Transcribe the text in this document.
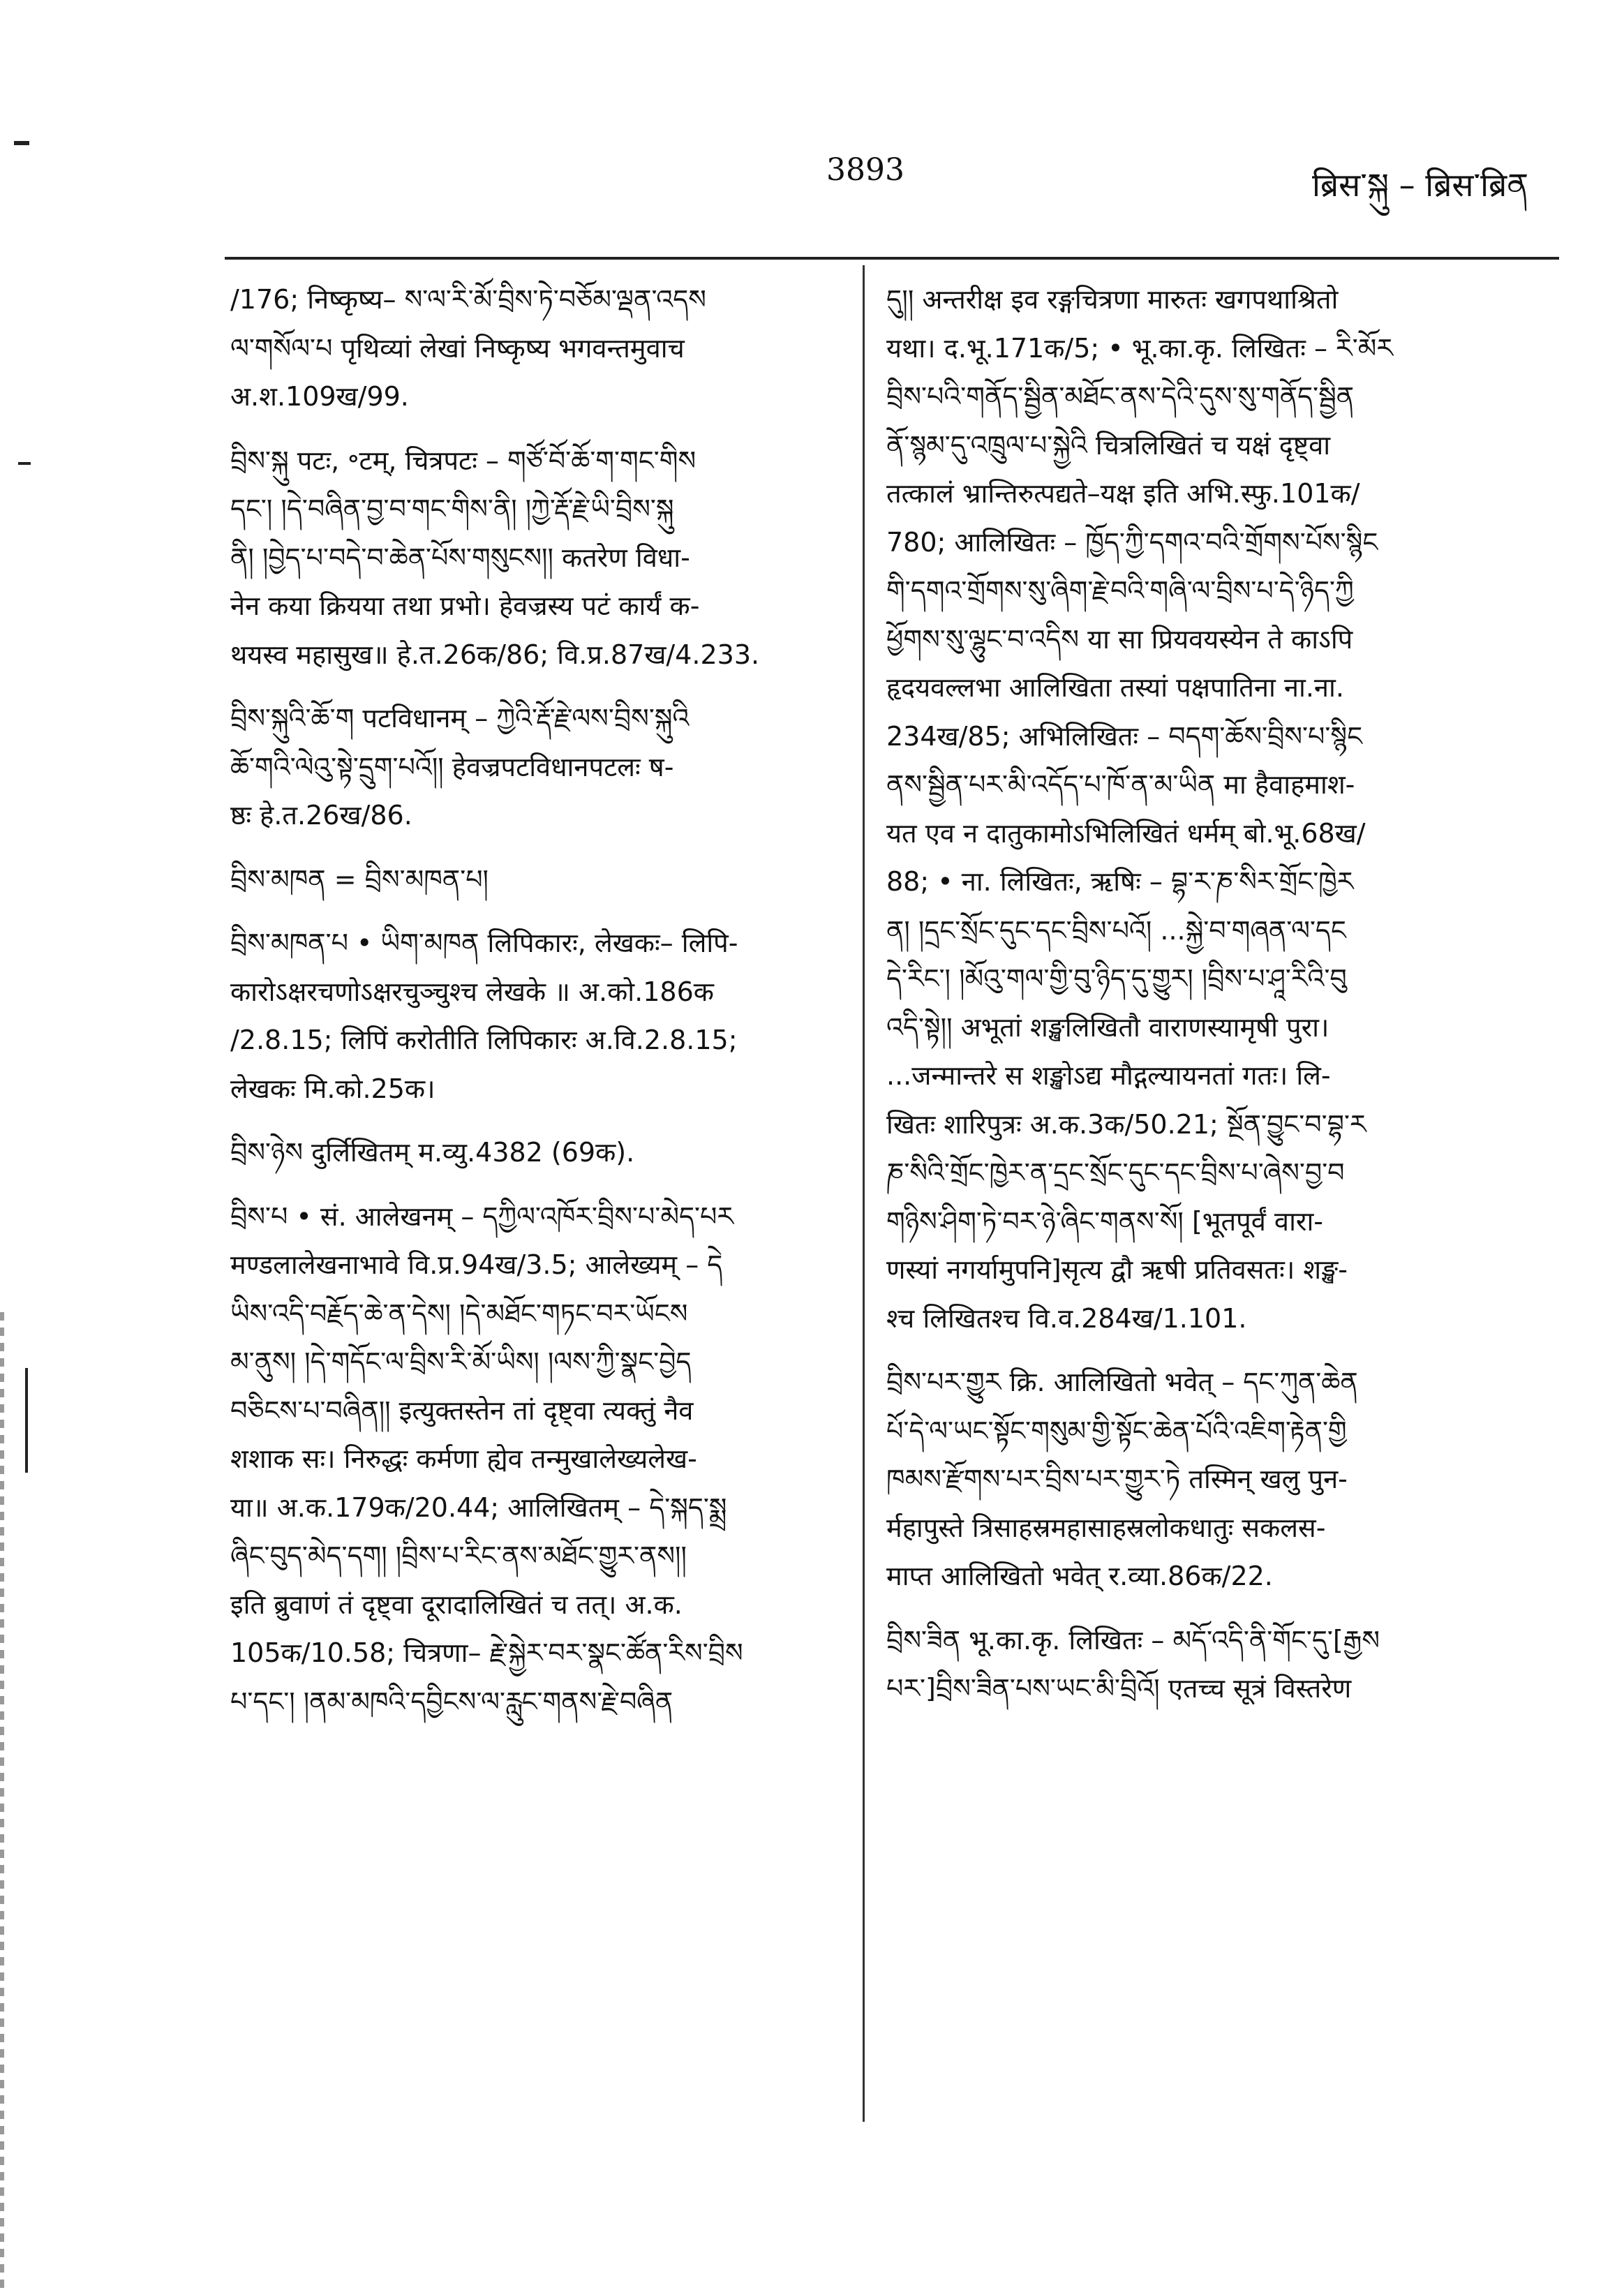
3893	ब्रिस་སྐུ – ब्रिस་ब्रिན
/176; निष्कृष्य– ས་ལ་རི་མོ་བྲིས་ཏེ་བཅོམ་ལྡན་འདས
ལ་གསོལ་པ पृथिव्यां लेखां निष्कृष्य भगवन्तमुवाच
अ.श.109ख/99.
བྲིས་སྐུ पटः, ॰टम्, चित्रपटः – གཙོ་བོ་ཆོ་ག་གང་གིས
དང་། །དེ་བཞིན་བྱ་བ་གང་གིས་ནི། །ཀྱེ་རྡོ་རྗེ་ཡི་བྲིས་སྐུ
ནི། །བྱེད་པ་བདེ་བ་ཆེན་པོས་གསུངས།། कतरेण विधा-
नेन कया क्रियया तथा प्रभो। हेवज्रस्य पटं कार्यं क-
थयस्व महासुख॥ हे.त.26क/86; वि.प्र.87ख/4.233.
བྲིས་སྐུའི་ཆོ་ག पटविधानम् – ཀྱེའི་རྡོ་རྗེ་ལས་བྲིས་སྐུའི
ཆོ་གའི་ལེའུ་སྟེ་དྲུག་པའོ།། हेवज्रपटविधानपटलः ष-
ष्ठः हे.त.26ख/86.
བྲིས་མཁན = བྲིས་མཁན་པ།
བྲིས་མཁན་པ • ཡིག་མཁན लिपिकारः, लेखकः– लिपि-
कारोऽक्षरचणोऽक्षरचुञ्चुश्च लेखके ॥ अ.को.186क
/2.8.15; लिपिं करोतीति लिपिकारः अ.वि.2.8.15;
लेखकः मि.को.25क।
བྲིས་ཉེས दुर्लिखितम् म.व्यु.4382 (69क).
བྲིས་པ • सं. आलेखनम् – དཀྱིལ་འཁོར་བྲིས་པ་མེད་པར
मण्डलालेखनाभावे वि.प्र.94ख/3.5; आलेख्यम् – དེ
ཡིས་འདི་བརྗོད་ཆེ་ན་དེས། །དེ་མཐོང་གཏང་བར་ཡོངས
མ་ནུས། །དེ་གདོང་ལ་བྲིས་རི་མོ་ཡིས། །ལས་ཀྱི་སྣང་བྱེད
བཅིངས་པ་བཞིན།། इत्युक्तस्तेन तां दृष्ट्वा त्यक्तुं नैव
शशाक सः। निरुद्धः कर्मणा ह्येव तन्मुखालेख्यलेख-
या॥ अ.क.179क/20.44; आलिखितम् – དེ་སྐད་སྨྲ
ཞིང་བུད་མེད་དག། །བྲིས་པ་རིང་ནས་མཐོང་གྱུར་ནས།།
इति ब्रुवाणं तं दृष्ट्वा दूरादालिखितं च तत्। अ.क.
105क/10.58; चित्रणा– རྗེ་སྐྱེར་བར་སྣང་ཚོན་རིས་བྲིས
པ་དང་། །ནམ་མཁའི་དབྱིངས་ལ་རླུང་གནས་རྗེ་བཞིན
དུ།། अन्तरीक्ष इव रङ्गचित्रणा मारुतः खगपथाश्रितो
यथा। द.भू.171क/5; • भू.का.कृ. लिखितः – རི་མོར
བྲིས་པའི་གནོད་སྦྱིན་མཐོང་ནས་དེའི་དུས་སུ་གནོད་སྦྱིན
ནོ་སྙམ་དུ་འཁྲུལ་པ་སྐྱེའི चित्रलिखितं च यक्षं दृष्ट्वा
तत्कालं भ्रान्तिरुत्पद्यते–यक्ष इति अभि.स्फु.101क/
780; आलिखितः – ཁྱོད་ཀྱི་དགའ་བའི་གྲོགས་པོས་སྙིང
གི་དགའ་གྲོགས་སུ་ཞིག་རྗེ་བའི་གཞི་ལ་བྲིས་པ་དེ་ཉིད་ཀྱི
ཕྱོགས་སུ་ལྷུང་བ་འདིས या सा प्रियवयस्येन ते काऽपि
हृदयवल्लभा आलिखिता तस्यां पक्षपातिना ना.ना.
234ख/85; अभिलिखितः – བདག་ཆོས་བྲིས་པ་སྙིང
ནས་སྦྱིན་པར་མི་འདོད་པ་ཁོ་ན་མ་ཡིན मा हैवाहमाश-
यत एव न दातुकामोऽभिलिखितं धर्मम् बो.भू.68ख/
88; • ना. लिखितः, ऋषिः – བྷ་ར་ཎ་སིར་གྲོང་ཁྱེར
ན། །དྲང་སྲོང་དུང་དང་བྲིས་པའོ། ...སྐྱེ་བ་གཞན་ལ་དང
དེ་རིང་། །མོའུ་གལ་གྱི་བུ་ཉིད་དུ་གྱུར། །བྲིས་པ་ཤཱ་རིའི་བུ
འདི་སྟེ།། अभूतां शङ्खलिखितौ वाराणस्यामृषी पुरा।
...जन्मान्तरे स शङ्खोऽद्य मौद्गल्यायनतां गतः। लि-
खितः शारिपुत्रः अ.क.3क/50.21; སྔོན་བྱུང་བ་བྷ་ར
ཎ་སིའི་གྲོང་ཁྱེར་ན་དྲང་སྲོང་དུང་དང་བྲིས་པ་ཞེས་བྱ་བ
གཉིས་ཤིག་ཏེ་བར་ཉེ་ཞིང་གནས་སོ། [भूतपूर्वं वारा-
णस्यां नगर्यामुपनि]सृत्य द्वौ ऋषी प्रतिवसतः। शङ्ख-
श्च लिखितश्च वि.व.284ख/1.101.
བྲིས་པར་གྱུར क्रि. आलिखितो भवेत् – དང་ཀུན་ཆེན
པོ་དེ་ལ་ཡང་སྟོང་གསུམ་གྱི་སྟོང་ཆེན་པོའི་འཇིག་རྟེན་གྱི
ཁམས་རྫོགས་པར་བྲིས་པར་གྱུར་ཏེ तस्मिन् खलु पुन-
र्महापुस्ते त्रिसाहस्रमहासाहस्रलोकधातुः सकलस-
माप्त आलिखितो भवेत् र.व्या.86क/22.
བྲིས་ཟིན भू.का.कृ. लिखितः – མདོ་འདི་ནི་གོང་དུ་[རྒྱས
པར་]བྲིས་ཟིན་པས་ཡང་མི་བྲིའོ། एतच्च सूत्रं विस्तरेण
